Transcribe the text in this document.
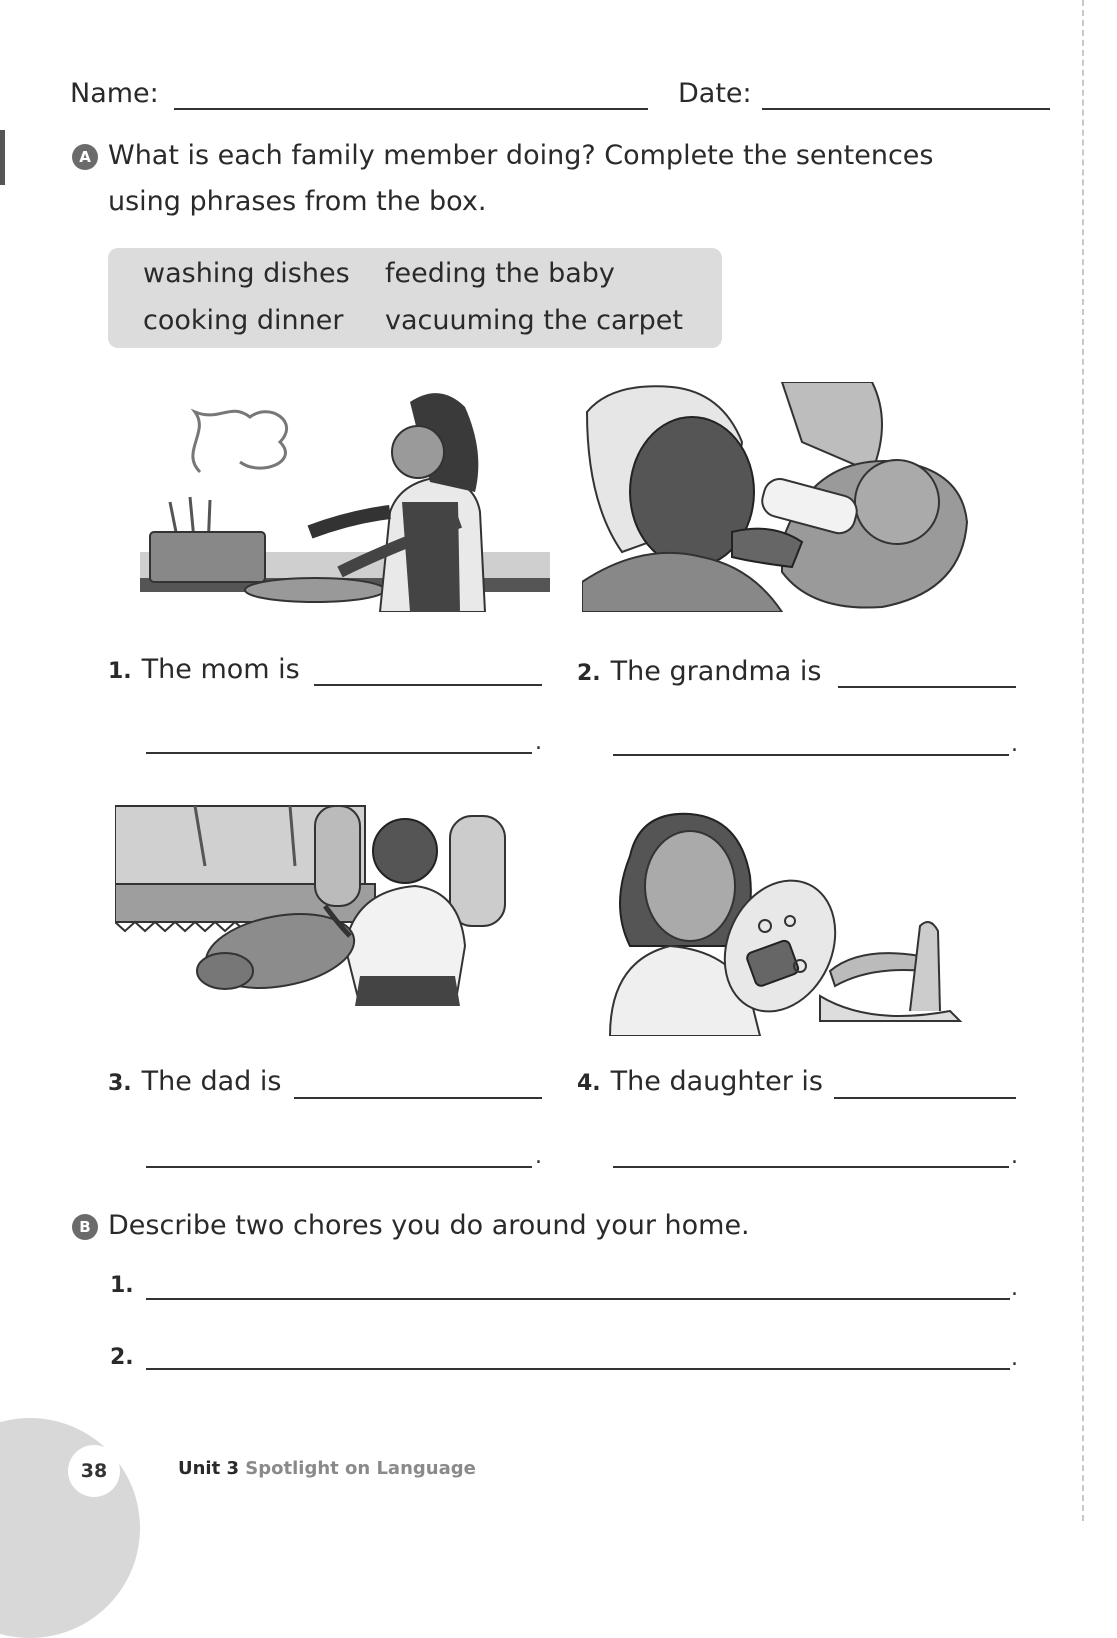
Name:	Date:
A What is each family member doing? Complete the sentences
using phrases from the box.
washing dishes feeding the baby
cooking dinner vacuuming the carpet
1. The mom is
.
2. The grandma is
.
3. The dad is
.
4. The daughter is
.
B Describe two chores you do around your home.
1.	.
2.	.
38	Unit 3 Spotlight on Language
